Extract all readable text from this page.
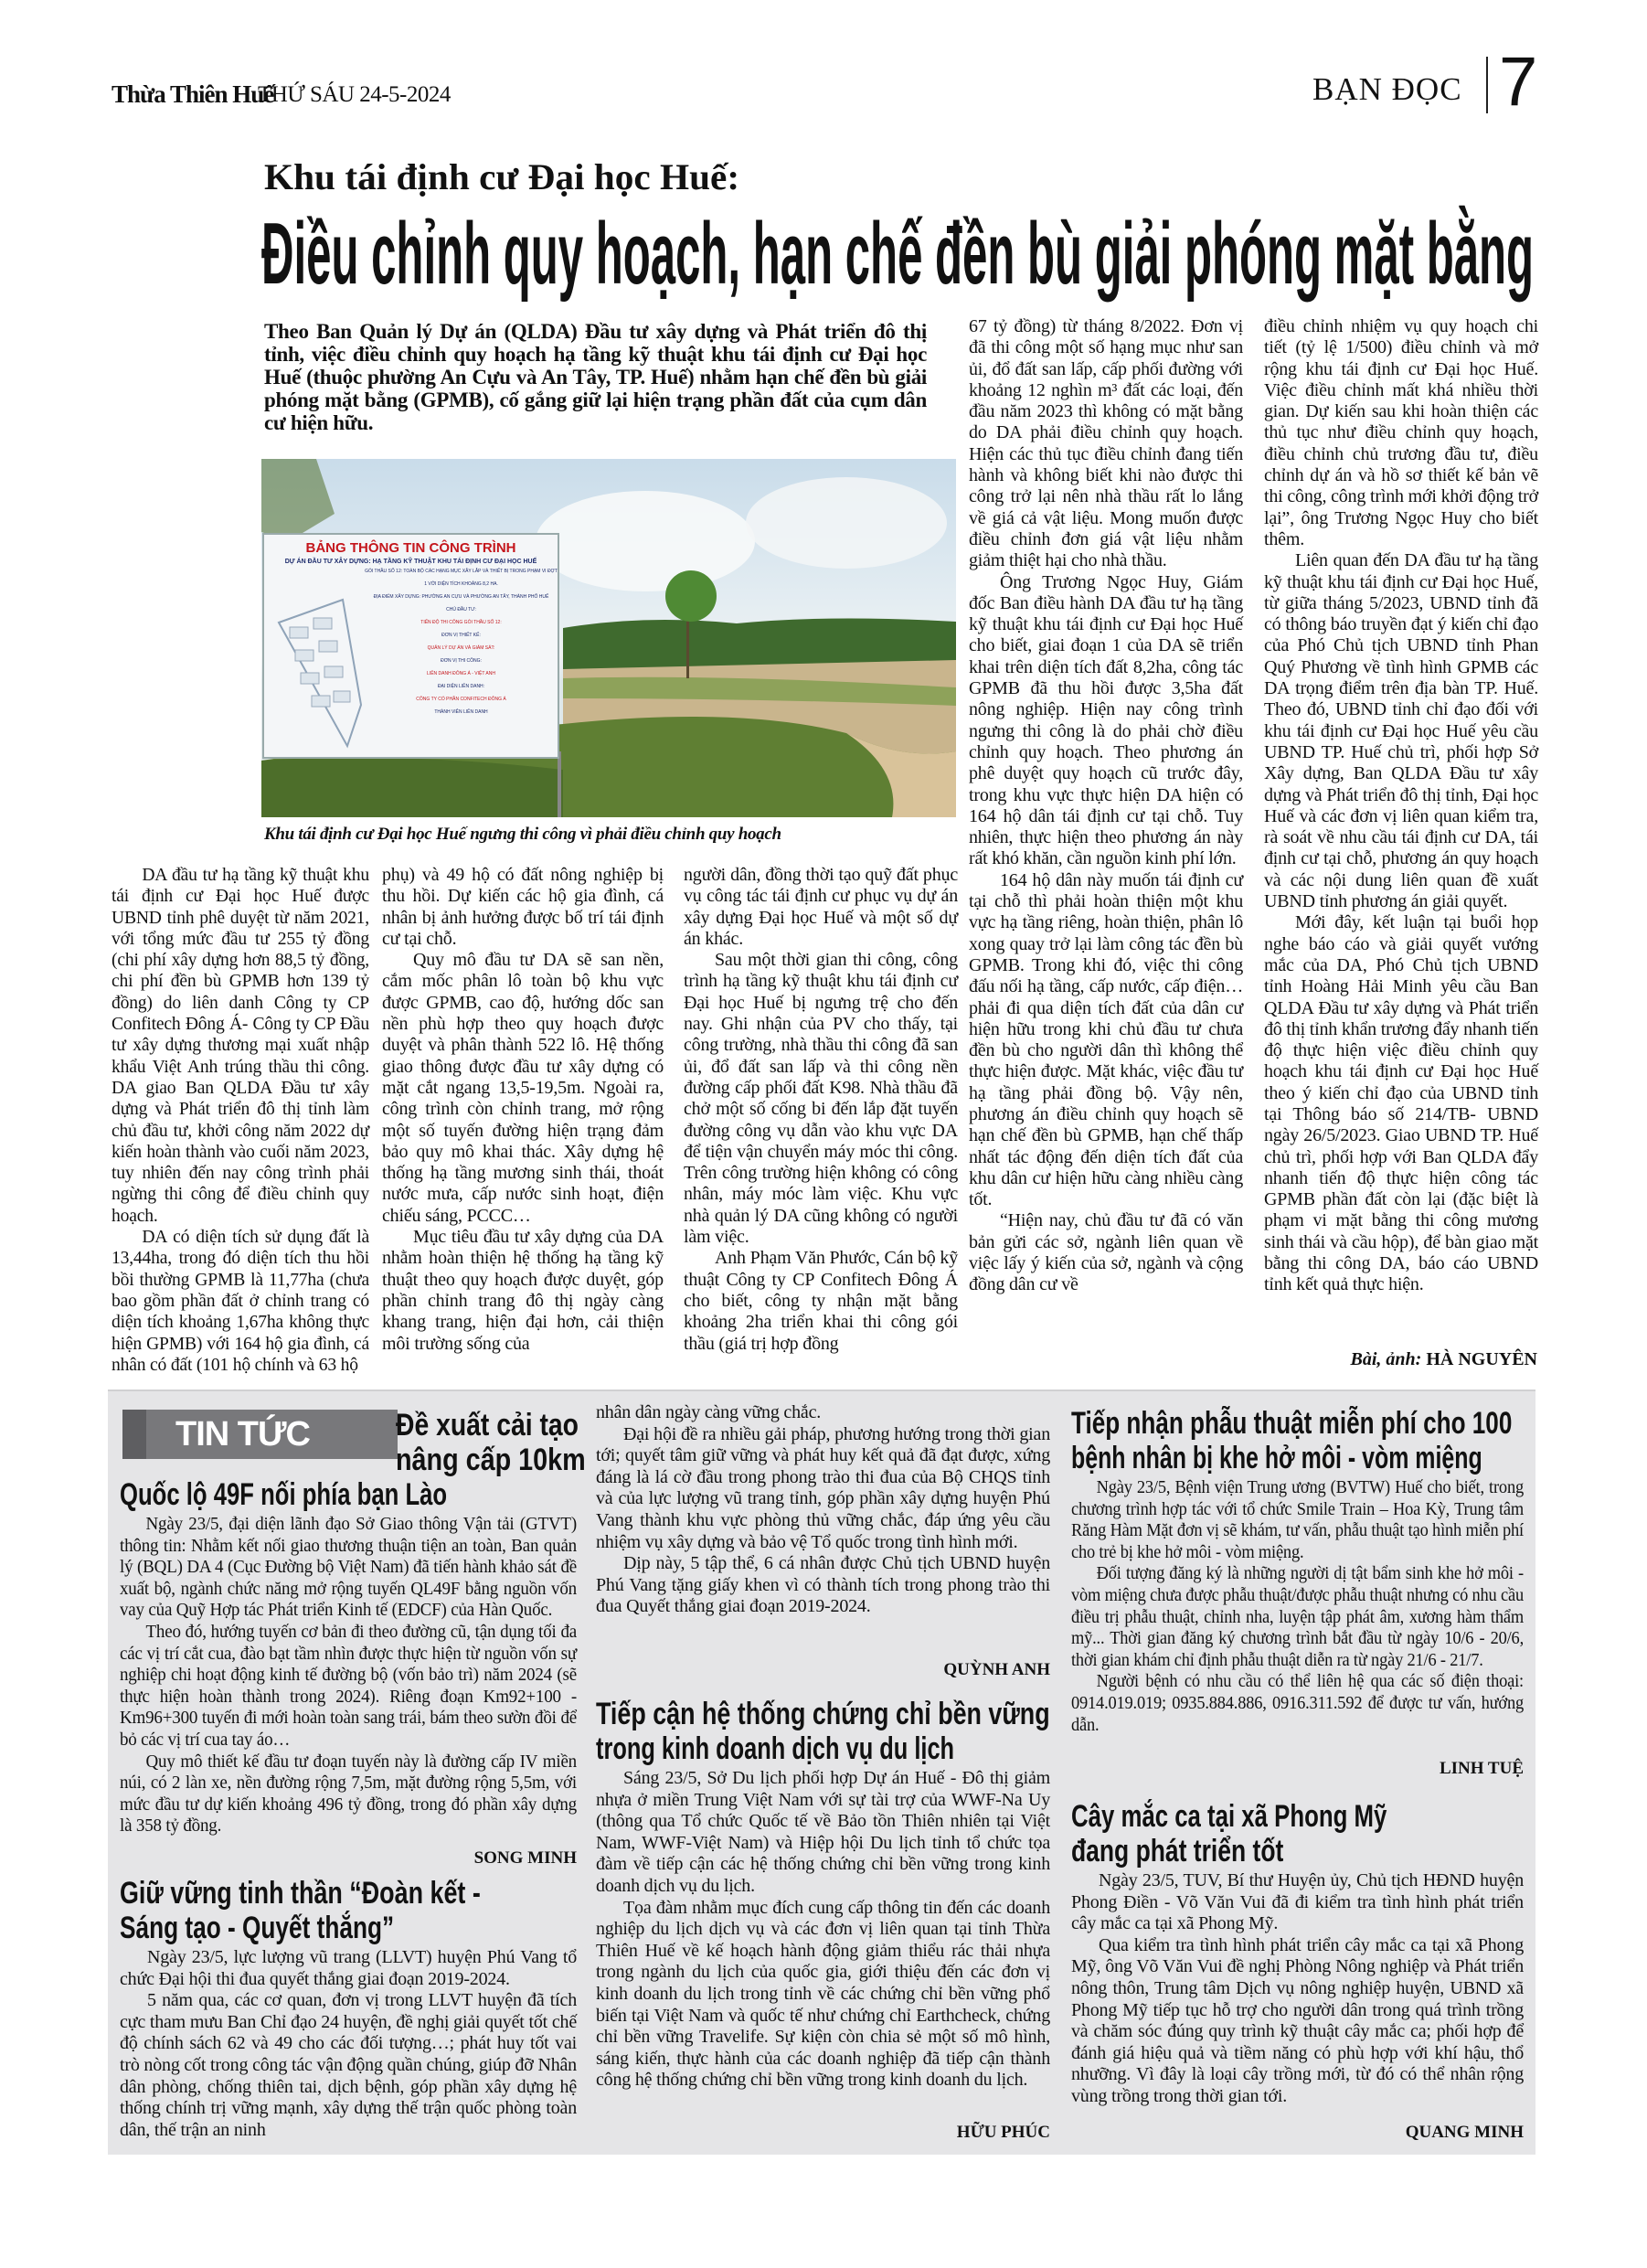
Thừa Thiên Huế
THỨ SÁU 24-5-2024	BẠN ĐỌC 7
Khu tái định cư Đại học Huế:
Điều chỉnh quy hoạch, hạn chế đền bù giải phóng mặt bằng
Theo Ban Quản lý Dự án (QLDA) Đầu tư xây dựng và Phát triển đô thị tỉnh, việc điều chỉnh quy hoạch hạ tầng kỹ thuật khu tái định cư Đại học Huế (thuộc phường An Cựu và An Tây, TP. Huế) nhằm hạn chế đền bù giải phóng mặt bằng (GPMB), cố gắng giữ lại hiện trạng phần đất của cụm dân cư hiện hữu.
BẢNG THÔNG TIN CÔNG TRÌNH
DỰ ÁN ĐẦU TƯ XÂY DỰNG: HẠ TẦNG KỸ THUẬT KHU TÁI ĐỊNH CƯ ĐẠI HỌC HUẾ
GÓI THẦU SỐ 12: TOÀN BỘ CÁC HẠNG MỤC XÂY LẮP VÀ THIẾT BỊ TRONG PHẠM VI ĐỢT 1 VỚI DIỆN TÍCH KHOẢNG 8,2 HA.
ĐỊA ĐIỂM XÂY DỰNG: PHƯỜNG AN CỰU VÀ PHƯỜNG AN TÂY, THÀNH PHỐ HUẾ
CHỦ ĐẦU TƯ:
TIẾN ĐỘ THI CÔNG GÓI THẦU SỐ 12:
ĐƠN VỊ THIẾT KẾ:
QUẢN LÝ DỰ ÁN VÀ GIÁM SÁT:
ĐƠN VỊ THI CÔNG:
LIÊN DANH ĐÔNG Á - VIỆT ANH
ĐẠI DIỆN LIÊN DANH:
CÔNG TY CỔ PHẦN CONFITECH ĐÔNG Á
THÀNH VIÊN LIÊN DANH
Khu tái định cư Đại học Huế ngưng thi công vì phải điều chỉnh quy hoạch

DA đầu tư hạ tầng kỹ thuật khu tái định cư Đại học Huế được UBND tỉnh phê duyệt từ năm 2021, với tổng mức đầu tư 255 tỷ đồng (chi phí xây dựng hơn 88,5 tỷ đồng, chi phí đền bù GPMB hơn 139 tỷ đồng) do liên danh Công ty CP Confitech Đông Á- Công ty CP Đầu tư xây dựng thương mại xuất nhập khẩu Việt Anh trúng thầu thi công. DA giao Ban QLDA Đầu tư xây dựng và Phát triển đô thị tỉnh làm chủ đầu tư, khởi công năm 2022 dự kiến hoàn thành vào cuối năm 2023, tuy nhiên đến nay công trình phải ngừng thi công để điều chỉnh quy hoạch.

DA có diện tích sử dụng đất là 13,44ha, trong đó diện tích thu hồi bồi thường GPMB là 11,77ha (chưa bao gồm phần đất ở chỉnh trang có diện tích khoảng 1,67ha không thực hiện GPMB) với 164 hộ gia đình, cá nhân có đất (101 hộ chính và 63 hộ

phụ) và 49 hộ có đất nông nghiệp bị thu hồi. Dự kiến các hộ gia đình, cá nhân bị ảnh hưởng được bố trí tái định cư tại chỗ.

Quy mô đầu tư DA sẽ san nền, cắm mốc phân lô toàn bộ khu vực được GPMB, cao độ, hướng dốc san nền phù hợp theo quy hoạch được duyệt và phân thành 522 lô. Hệ thống giao thông được đầu tư xây dựng có mặt cắt ngang 13,5-19,5m. Ngoài ra, công trình còn chỉnh trang, mở rộng một số tuyến đường hiện trạng đảm bảo quy mô khai thác. Xây dựng hệ thống hạ tầng mương sinh thái, thoát nước mưa, cấp nước sinh hoạt, điện chiếu sáng, PCCC…

Mục tiêu đầu tư xây dựng của DA nhằm hoàn thiện hệ thống hạ tầng kỹ thuật theo quy hoạch được duyệt, góp phần chỉnh trang đô thị ngày càng khang trang, hiện đại hơn, cải thiện môi trường sống của

người dân, đồng thời tạo quỹ đất phục vụ công tác tái định cư phục vụ dự án xây dựng Đại học Huế và một số dự án khác.

Sau một thời gian thi công, công trình hạ tầng kỹ thuật khu tái định cư Đại học Huế bị ngưng trệ cho đến nay. Ghi nhận của PV cho thấy, tại công trường, nhà thầu thi công đã san ủi, đổ đất san lấp và thi công nền đường cấp phối đất K98. Nhà thầu đã chở một số cống bi đến lắp đặt tuyến đường công vụ dẫn vào khu vực DA để tiện vận chuyển máy móc thi công. Trên công trường hiện không có công nhân, máy móc làm việc. Khu vực nhà quản lý DA cũng không có người làm việc.

Anh Phạm Văn Phước, Cán bộ kỹ thuật Công ty CP Confitech Đông Á cho biết, công ty nhận mặt bằng khoảng 2ha triển khai thi công gói thầu (giá trị hợp đồng

67 tỷ đồng) từ tháng 8/2022. Đơn vị đã thi công một số hạng mục như san ủi, đổ đất san lấp, cấp phối đường với khoảng 12 nghìn m³ đất các loại, đến đầu năm 2023 thì không có mặt bằng do DA phải điều chỉnh quy hoạch. Hiện các thủ tục điều chỉnh đang tiến hành và không biết khi nào được thi công trở lại nên nhà thầu rất lo lắng về giá cả vật liệu. Mong muốn được điều chỉnh đơn giá vật liệu nhằm giảm thiệt hại cho nhà thầu.

Ông Trương Ngọc Huy, Giám đốc Ban điều hành DA đầu tư hạ tầng kỹ thuật khu tái định cư Đại học Huế cho biết, giai đoạn 1 của DA sẽ triển khai trên diện tích đất 8,2ha, công tác GPMB đã thu hồi được 3,5ha đất nông nghiệp. Hiện nay công trình ngưng thi công là do phải chờ điều chỉnh quy hoạch. Theo phương án phê duyệt quy hoạch cũ trước đây, trong khu vực thực hiện DA hiện có 164 hộ dân tái định cư tại chỗ. Tuy nhiên, thực hiện theo phương án này rất khó khăn, cần nguồn kinh phí lớn.

164 hộ dân này muốn tái định cư tại chỗ thì phải hoàn thiện một khu vực hạ tầng riêng, hoàn thiện, phân lô xong quay trở lại làm công tác đền bù GPMB. Trong khi đó, việc thi công đấu nối hạ tầng, cấp nước, cấp điện… phải đi qua diện tích đất của dân cư hiện hữu trong khi chủ đầu tư chưa đền bù cho người dân thì không thể thực hiện được. Mặt khác, việc đầu tư hạ tầng phải đồng bộ. Vậy nên, phương án điều chỉnh quy hoạch sẽ hạn chế đền bù GPMB, hạn chế thấp nhất tác động đến diện tích đất của khu dân cư hiện hữu càng nhiều càng tốt.

“Hiện nay, chủ đầu tư đã có văn bản gửi các sở, ngành liên quan về việc lấy ý kiến của sở, ngành và cộng đồng dân cư về

điều chỉnh nhiệm vụ quy hoạch chi tiết (tỷ lệ 1/500) điều chỉnh và mở rộng khu tái định cư Đại học Huế. Việc điều chỉnh mất khá nhiều thời gian. Dự kiến sau khi hoàn thiện các thủ tục như điều chỉnh quy hoạch, điều chỉnh chủ trương đầu tư, điều chỉnh dự án và hồ sơ thiết kế bản vẽ thi công, công trình mới khởi động trở lại”, ông Trương Ngọc Huy cho biết thêm.

Liên quan đến DA đầu tư hạ tầng kỹ thuật khu tái định cư Đại học Huế, từ giữa tháng 5/2023, UBND tỉnh đã có thông báo truyền đạt ý kiến chỉ đạo của Phó Chủ tịch UBND tỉnh Phan Quý Phương về tình hình GPMB các DA trọng điểm trên địa bàn TP. Huế. Theo đó, UBND tỉnh chỉ đạo đối với khu tái định cư Đại học Huế yêu cầu UBND TP. Huế chủ trì, phối hợp Sở Xây dựng, Ban QLDA Đầu tư xây dựng và Phát triển đô thị tỉnh, Đại học Huế và các đơn vị liên quan kiểm tra, rà soát về nhu cầu tái định cư DA, tái định cư tại chỗ, phương án quy hoạch và các nội dung liên quan đề xuất UBND tỉnh phương án giải quyết.

Mới đây, kết luận tại buổi họp nghe báo cáo và giải quyết vướng mắc của DA, Phó Chủ tịch UBND tỉnh Hoàng Hải Minh yêu cầu Ban QLDA Đầu tư xây dựng và Phát triển đô thị tỉnh khẩn trương đẩy nhanh tiến độ thực hiện việc điều chỉnh quy hoạch khu tái định cư Đại học Huế theo ý kiến chỉ đạo của UBND tỉnh tại Thông báo số 214/TB- UBND ngày 26/5/2023. Giao UBND TP. Huế chủ trì, phối hợp với Ban QLDA đẩy nhanh tiến độ thực hiện công tác GPMB phần đất còn lại (đặc biệt là phạm vi mặt bằng thi công mương sinh thái và cầu hộp), để bàn giao mặt bằng thi công DA, báo cáo UBND tỉnh kết quả thực hiện.

Bài, ảnh: HÀ NGUYÊN
TIN TỨC	Đề xuất cải tạo
nâng cấp 10km
Quốc lộ 49F nối phía bạn Lào

Ngày 23/5, đại diện lãnh đạo Sở Giao thông Vận tải (GTVT) thông tin: Nhằm kết nối giao thương thuận tiện an toàn, Ban quản lý (BQL) DA 4 (Cục Đường bộ Việt Nam) đã tiến hành khảo sát đề xuất bộ, ngành chức năng mở rộng tuyến QL49F bằng nguồn vốn vay của Quỹ Hợp tác Phát triển Kinh tế (EDCF) của Hàn Quốc.

Theo đó, hướng tuyến cơ bản đi theo đường cũ, tận dụng tối đa các vị trí cắt cua, đào bạt tầm nhìn được thực hiện từ nguồn vốn sự nghiệp chi hoạt động kinh tế đường bộ (vốn bảo trì) năm 2024 (sẽ thực hiện hoàn thành trong 2024). Riêng đoạn Km92+100 - Km96+300 tuyến đi mới hoàn toàn sang trái, bám theo sườn đồi để bỏ các vị trí cua tay áo…

Quy mô thiết kế đầu tư đoạn tuyến này là đường cấp IV miền núi, có 2 làn xe, nền đường rộng 7,5m, mặt đường rộng 5,5m, với mức đầu tư dự kiến khoảng 496 tỷ đồng, trong đó phần xây dựng là 358 tỷ đồng.

SONG MINH
Giữ vững tinh thần “Đoàn kết -
Sáng tạo - Quyết thắng”

Ngày 23/5, lực lượng vũ trang (LLVT) huyện Phú Vang tổ chức Đại hội thi đua quyết thắng giai đoạn 2019-2024.

5 năm qua, các cơ quan, đơn vị trong LLVT huyện đã tích cực tham mưu Ban Chỉ đạo 24 huyện, đề nghị giải quyết tốt chế độ chính sách 62 và 49 cho các đối tượng…; phát huy tốt vai trò nòng cốt trong công tác vận động quần chúng, giúp đỡ Nhân dân phòng, chống thiên tai, dịch bệnh, góp phần xây dựng hệ thống chính trị vững mạnh, xây dựng thế trận quốc phòng toàn dân, thế trận an ninh

nhân dân ngày càng vững chắc.

Đại hội đề ra nhiều gải pháp, phương hướng trong thời gian tới; quyết tâm giữ vững và phát huy kết quả đã đạt được, xứng đáng là lá cờ đầu trong phong trào thi đua của Bộ CHQS tỉnh và của lực lượng vũ trang tỉnh, góp phần xây dựng huyện Phú Vang thành khu vực phòng thủ vững chắc, đáp ứng yêu cầu nhiệm vụ xây dựng và bảo vệ Tổ quốc trong tình hình mới.

Dịp này, 5 tập thể, 6 cá nhân được Chủ tịch UBND huyện Phú Vang tặng giấy khen vì có thành tích trong phong trào thi đua Quyết thắng giai đoạn 2019-2024.

QUỲNH ANH
Tiếp cận hệ thống chứng chỉ bền vững
trong kinh doanh dịch vụ du lịch

Sáng 23/5, Sở Du lịch phối hợp Dự án Huế - Đô thị giảm nhựa ở miền Trung Việt Nam với sự tài trợ của WWF-Na Uy (thông qua Tổ chức Quốc tế về Bảo tồn Thiên nhiên tại Việt Nam, WWF-Việt Nam) và Hiệp hội Du lịch tỉnh tổ chức tọa đàm về tiếp cận các hệ thống chứng chỉ bền vững trong kinh doanh dịch vụ du lịch.

Tọa đàm nhằm mục đích cung cấp thông tin đến các doanh nghiệp du lịch dịch vụ và các đơn vị liên quan tại tỉnh Thừa Thiên Huế về kế hoạch hành động giảm thiểu rác thải nhựa trong ngành du lịch của quốc gia, giới thiệu đến các đơn vị kinh doanh du lịch trong tỉnh về các chứng chỉ bền vững phổ biến tại Việt Nam và quốc tế như chứng chỉ Earthcheck, chứng chỉ bền vững Travelife. Sự kiện còn chia sẻ một số mô hình, sáng kiến, thực hành của các doanh nghiệp đã tiếp cận thành công hệ thống chứng chỉ bền vững trong kinh doanh du lịch.

HỮU PHÚC
Tiếp nhận phẫu thuật miễn phí cho 100
bệnh nhân bị khe hở môi - vòm miệng

Ngày 23/5, Bệnh viện Trung ương (BVTW) Huế cho biết, trong chương trình hợp tác với tổ chức Smile Train – Hoa Kỳ, Trung tâm Răng Hàm Mặt đơn vị sẽ khám, tư vấn, phẫu thuật tạo hình miễn phí cho trẻ bị khe hở môi - vòm miệng.

Đối tượng đăng ký là những người dị tật bẩm sinh khe hở môi - vòm miệng chưa được phẫu thuật/được phẫu thuật nhưng có nhu cầu điều trị phẫu thuật, chỉnh nha, luyện tập phát âm, xương hàm thẩm mỹ... Thời gian đăng ký chương trình bắt đầu từ ngày 10/6 - 20/6, thời gian khám chỉ định phẫu thuật diễn ra từ ngày 21/6 - 21/7.

Người bệnh có nhu cầu có thể liên hệ qua các số điện thoại: 0914.019.019; 0935.884.886, 0916.311.592 để được tư vấn, hướng dẫn.

LINH TUỆ
Cây mắc ca tại xã Phong Mỹ
đang phát triển tốt

Ngày 23/5, TUV, Bí thư Huyện ủy, Chủ tịch HĐND huyện Phong Điền - Võ Văn Vui đã đi kiểm tra tình hình phát triển cây mắc ca tại xã Phong Mỹ.

Qua kiểm tra tình hình phát triển cây mắc ca tại xã Phong Mỹ, ông Võ Văn Vui đề nghị Phòng Nông nghiệp và Phát triển nông thôn, Trung tâm Dịch vụ nông nghiệp huyện, UBND xã Phong Mỹ tiếp tục hỗ trợ cho người dân trong quá trình trồng và chăm sóc đúng quy trình kỹ thuật cây mắc ca; phối hợp để đánh giá hiệu quả và tiềm năng có phù hợp với khí hậu, thổ nhưỡng. Vì đây là loại cây trồng mới, từ đó có thể nhân rộng vùng trồng trong thời gian tới.

QUANG MINH
